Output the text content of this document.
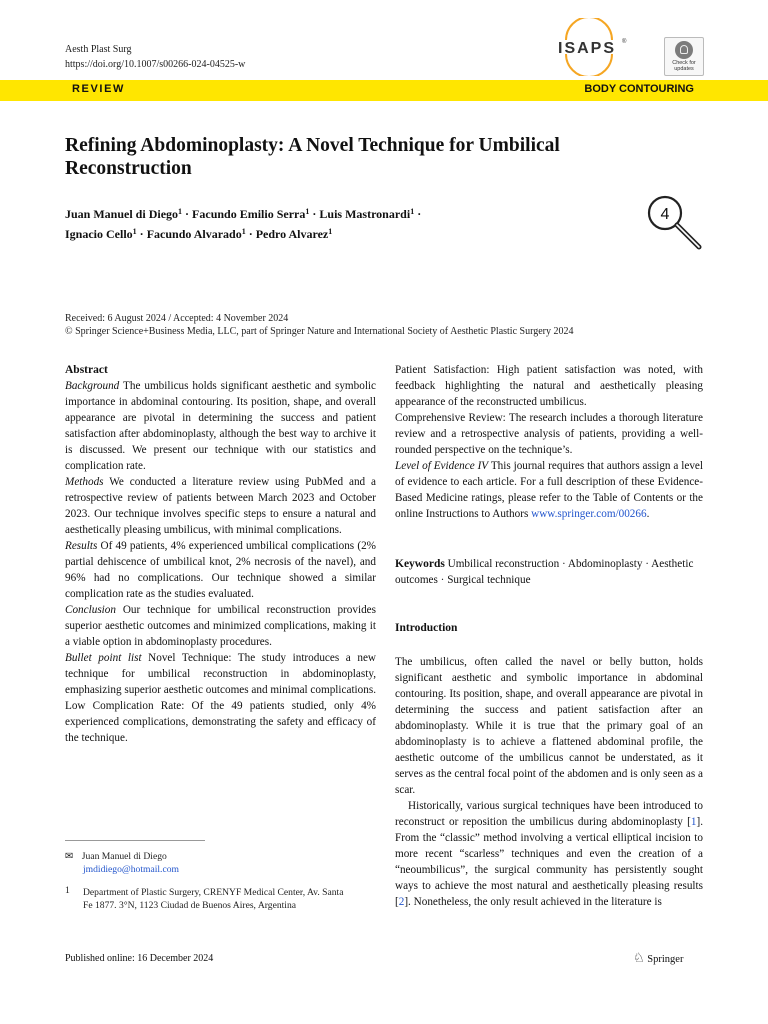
Aesth Plast Surg
https://doi.org/10.1007/s00266-024-04525-w
ISAPS ®
Check for
updates
REVIEW	BODY CONTOURING
Refining Abdominoplasty: A Novel Technique for Umbilical Reconstruction
Juan Manuel di Diego$^1$ · Facundo Emilio Serra$^1$ · Luis Mastronardi$^1$ ·
Ignacio Cello$^1$ · Facundo Alvarado$^1$ · Pedro Alvarez$^1$
4
Received: 6 August 2024 / Accepted: 4 November 2024
© Springer Science+Business Media, LLC, part of Springer Nature and International Society of Aesthetic Plastic Surgery 2024

Abstract

Background The umbilicus holds significant aesthetic and symbolic importance in abdominal contouring. Its position, shape, and overall appearance are pivotal in determining the success and patient satisfaction after abdominoplasty, although the best way to archive it is discussed. We present our technique with our statistics and complication rate.

Methods We conducted a literature review using PubMed and a retrospective review of patients between March 2023 and October 2023. Our technique involves specific steps to ensure a natural and aesthetically pleasing umbilicus, with minimal complications.

Results Of 49 patients, 4% experienced umbilical complications (2% partial dehiscence of umbilical knot, 2% necrosis of the navel), and 96% had no complications. Our technique showed a similar complication rate as the studies evaluated.

Conclusion Our technique for umbilical reconstruction provides superior aesthetic outcomes and minimized complications, making it a viable option in abdominoplasty procedures.

Bullet point list Novel Technique: The study introduces a new technique for umbilical reconstruction in abdominoplasty, emphasizing superior aesthetic outcomes and minimal complications.

Low Complication Rate: Of the 49 patients studied, only 4% experienced complications, demonstrating the safety and efficacy of the technique.

✉ Juan Manuel di Diego
jmdidiego@hotmail.com
1	Department of Plastic Surgery, CRENYF Medical Center, Av. Santa Fe 1877. 3°N, 1123 Ciudad de Buenos Aires, Argentina

Patient Satisfaction: High patient satisfaction was noted, with feedback highlighting the natural and aesthetically pleasing appearance of the reconstructed umbilicus.

Comprehensive Review: The research includes a thorough literature review and a retrospective analysis of patients, providing a well-rounded perspective on the technique’s.

Level of Evidence IV This journal requires that authors assign a level of evidence to each article. For a full description of these Evidence-Based Medicine ratings, please refer to the Table of Contents or the online Instructions to Authors www.springer.com/00266.

Keywords Umbilical reconstruction · Abdominoplasty · Aesthetic outcomes · Surgical technique
Introduction

The umbilicus, often called the navel or belly button, holds significant aesthetic and symbolic importance in abdominal contouring. Its position, shape, and overall appearance are pivotal in determining the success and patient satisfaction after an abdominoplasty. While it is true that the primary goal of an abdominoplasty is to achieve a flattened abdominal profile, the aesthetic outcome of the umbilicus cannot be understated, as it serves as the central focal point of the abdomen and is only seen as a scar.

Historically, various surgical techniques have been introduced to reconstruct or reposition the umbilicus during abdominoplasty [1]. From the “classic” method involving a vertical elliptical incision to more recent “scarless” techniques and even the creation of a “neoumbilicus”, the surgical community has persistently sought ways to achieve the most natural and aesthetically pleasing results [2]. Nonetheless, the only result achieved in the literature is

Published online: 16 December 2024	♘ Springer
